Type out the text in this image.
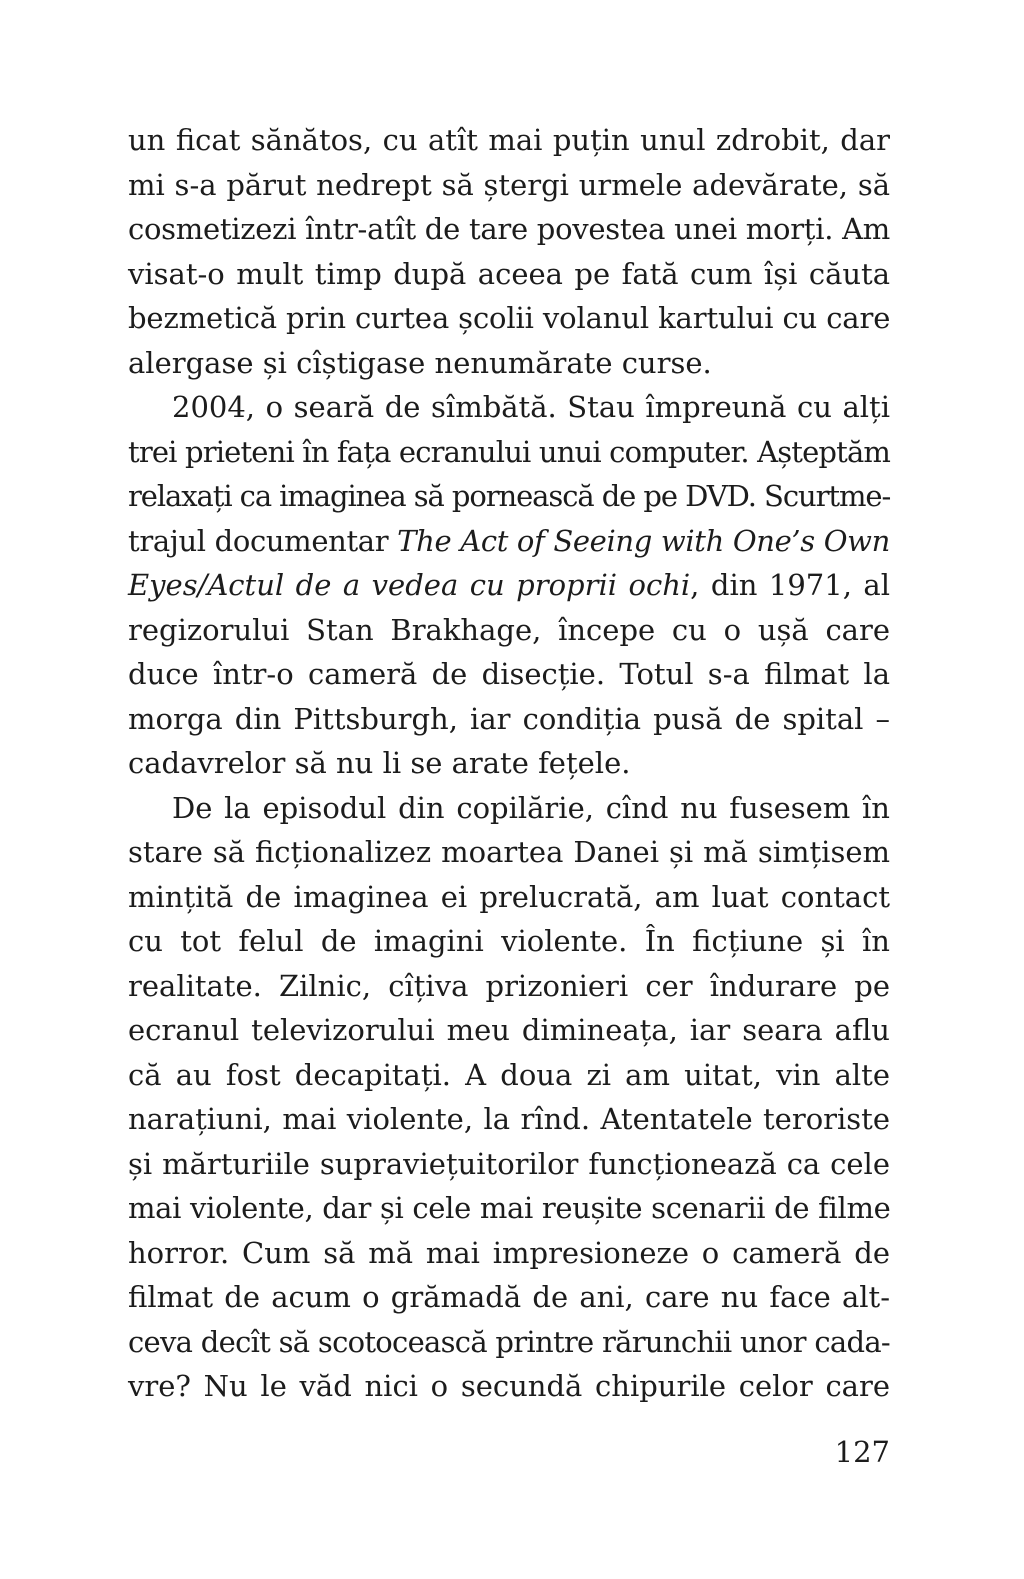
un ficat sănătos, cu atît mai puțin unul zdrobit, dar
mi s-a părut nedrept să ștergi urmele adevărate, să
cosmetizezi într-atît de tare povestea unei morți. Am
visat-o mult timp după aceea pe fată cum își căuta
bezmetică prin curtea școlii volanul kartului cu care
alergase și cîștigase nenumărate curse.
2004, o seară de sîmbătă. Stau împreună cu alți
trei prieteni în fața ecranului unui computer. Așteptăm
relaxați ca imaginea să pornească de pe DVD. Scurtme-
trajul documentar The Act of Seeing with One’s Own
Eyes/Actul de a vedea cu proprii ochi, din 1971, al
regizorului Stan Brakhage, începe cu o ușă care
duce într-o cameră de disecție. Totul s-a filmat la
morga din Pittsburgh, iar condiția pusă de spital –
cadavrelor să nu li se arate fețele.
De la episodul din copilărie, cînd nu fusesem în
stare să ficționalizez moartea Danei și mă simțisem
mințită de imaginea ei prelucrată, am luat contact
cu tot felul de imagini violente. În ficțiune și în
realitate. Zilnic, cîțiva prizonieri cer îndurare pe
ecranul televizorului meu dimineața, iar seara aflu
că au fost decapitați. A doua zi am uitat, vin alte
narațiuni, mai violente, la rînd. Atentatele teroriste
și mărturiile supraviețuitorilor funcționează ca cele
mai violente, dar și cele mai reușite scenarii de filme
horror. Cum să mă mai impresioneze o cameră de
filmat de acum o grămadă de ani, care nu face alt-
ceva decît să scotocească printre rărunchii unor cada-
vre? Nu le văd nici o secundă chipurile celor care
127
